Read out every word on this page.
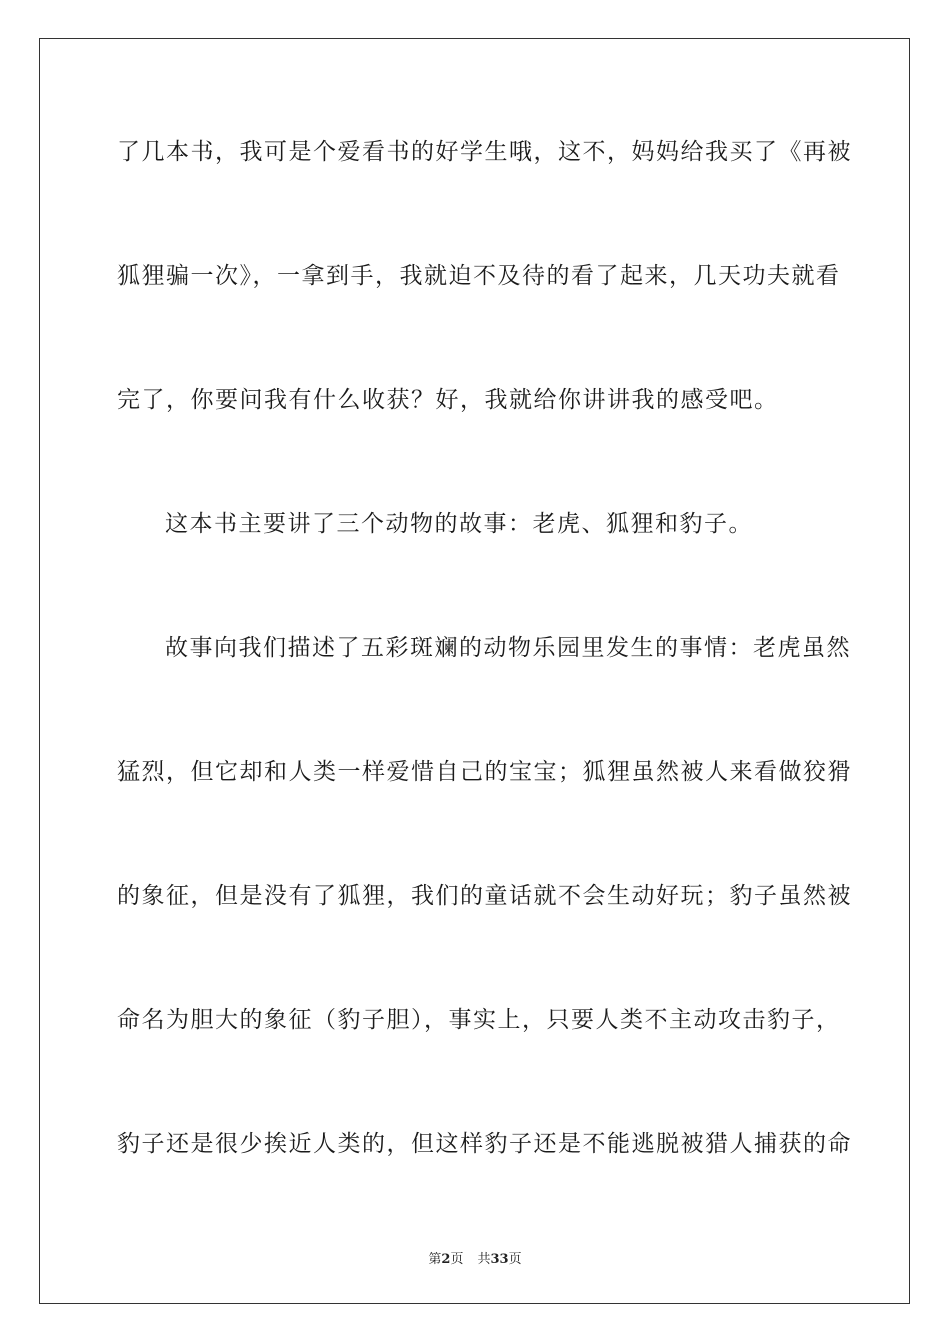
了几本书，我可是个爱看书的好学生哦，这不，妈妈给我买了《再被
狐狸骗一次》，一拿到手，我就迫不及待的看了起来，几天功夫就看
完了，你要问我有什么收获？好，我就给你讲讲我的感受吧。
这本书主要讲了三个动物的故事：老虎、狐狸和豹子。
故事向我们描述了五彩斑斓的动物乐园里发生的事情：老虎虽然
猛烈，但它却和人类一样爱惜自己的宝宝；狐狸虽然被人来看做狡猾
的象征，但是没有了狐狸，我们的童话就不会生动好玩；豹子虽然被
命名为胆大的象征（豹子胆），事实上，只要人类不主动攻击豹子，
豹子还是很少挨近人类的，但这样豹子还是不能逃脱被猎人捕获的命
第2页 共33页
